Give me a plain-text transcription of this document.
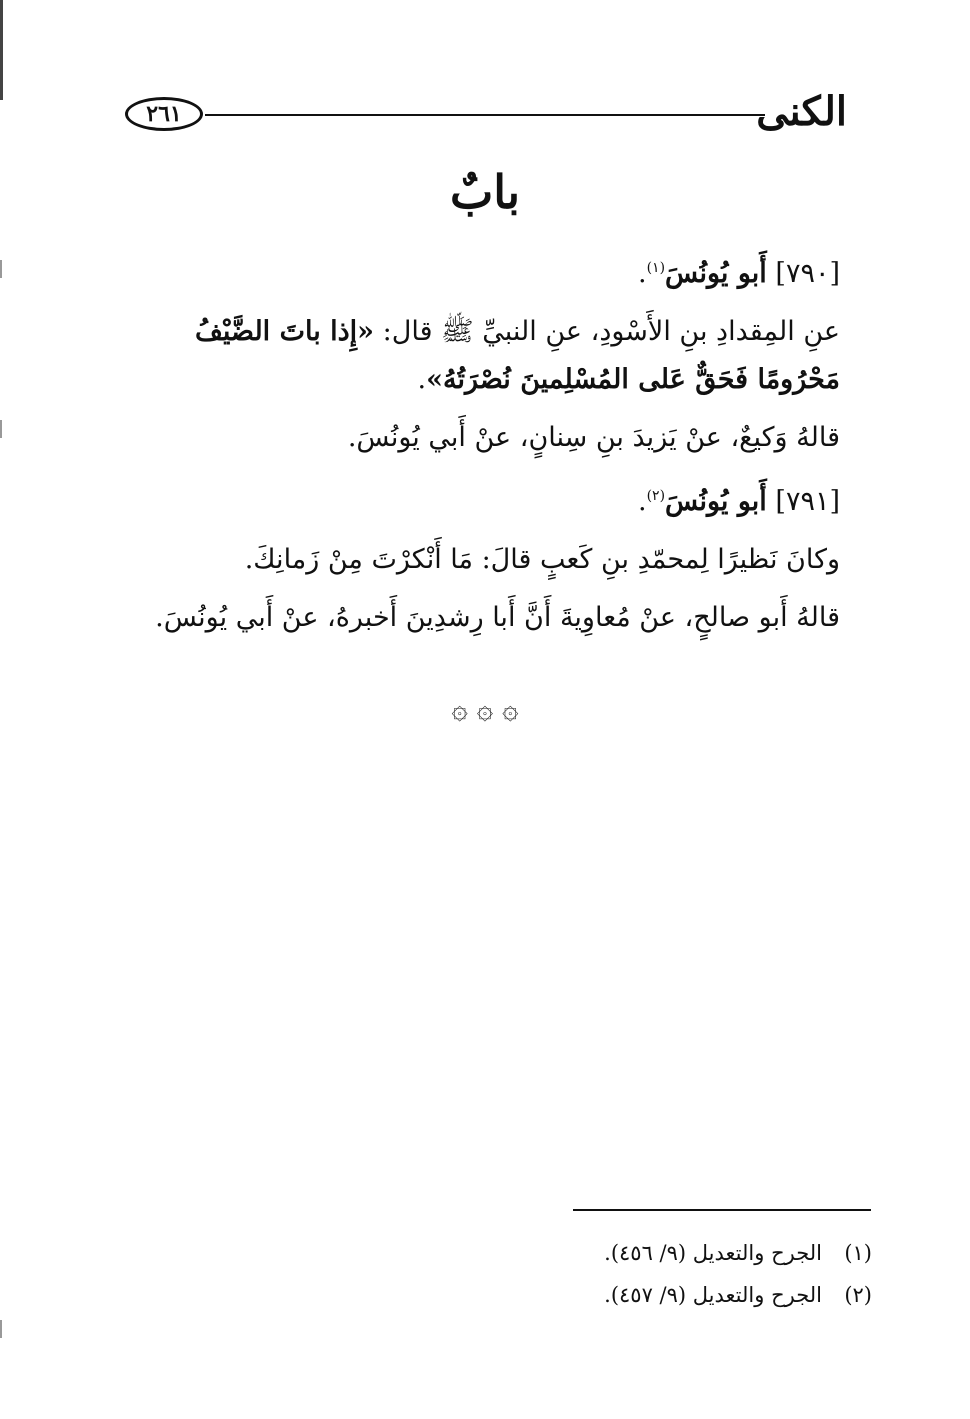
٢٦١	الكنى
بابٌ

[٧٩٠] أَبو يُونُسَ$^{(١)}$.

عنِ المِقدادِ بنِ الأَسْودِ، عنِ النبيِّ ﷺ قال: «إِذا باتَ الضَّيْفُ مَحْرُومًا فَحَقٌّ عَلى المُسْلِمينَ نُصْرَتُهُ».

قالهُ وَكيعٌ، عنْ يَزيدَ بنِ سِنانٍ، عنْ أَبي يُونُسَ.

[٧٩١] أَبو يُونُسَ$^{(٢)}$.

وكانَ نَظيرًا لِمحمّدِ بنِ كَعبٍ قالَ: مَا أَنْكرْتَ مِنْ زَمانِكَ.

قالهُ أَبو صالحٍ، عنْ مُعاوِيةَ أَنَّ أَبا رِشدِينَ أَخبرهُ، عنْ أَبي يُونُسَ.

۞ ۞ ۞
(١)الجرح والتعديل (٩/ ٤٥٦).
(٢)الجرح والتعديل (٩/ ٤٥٧).
